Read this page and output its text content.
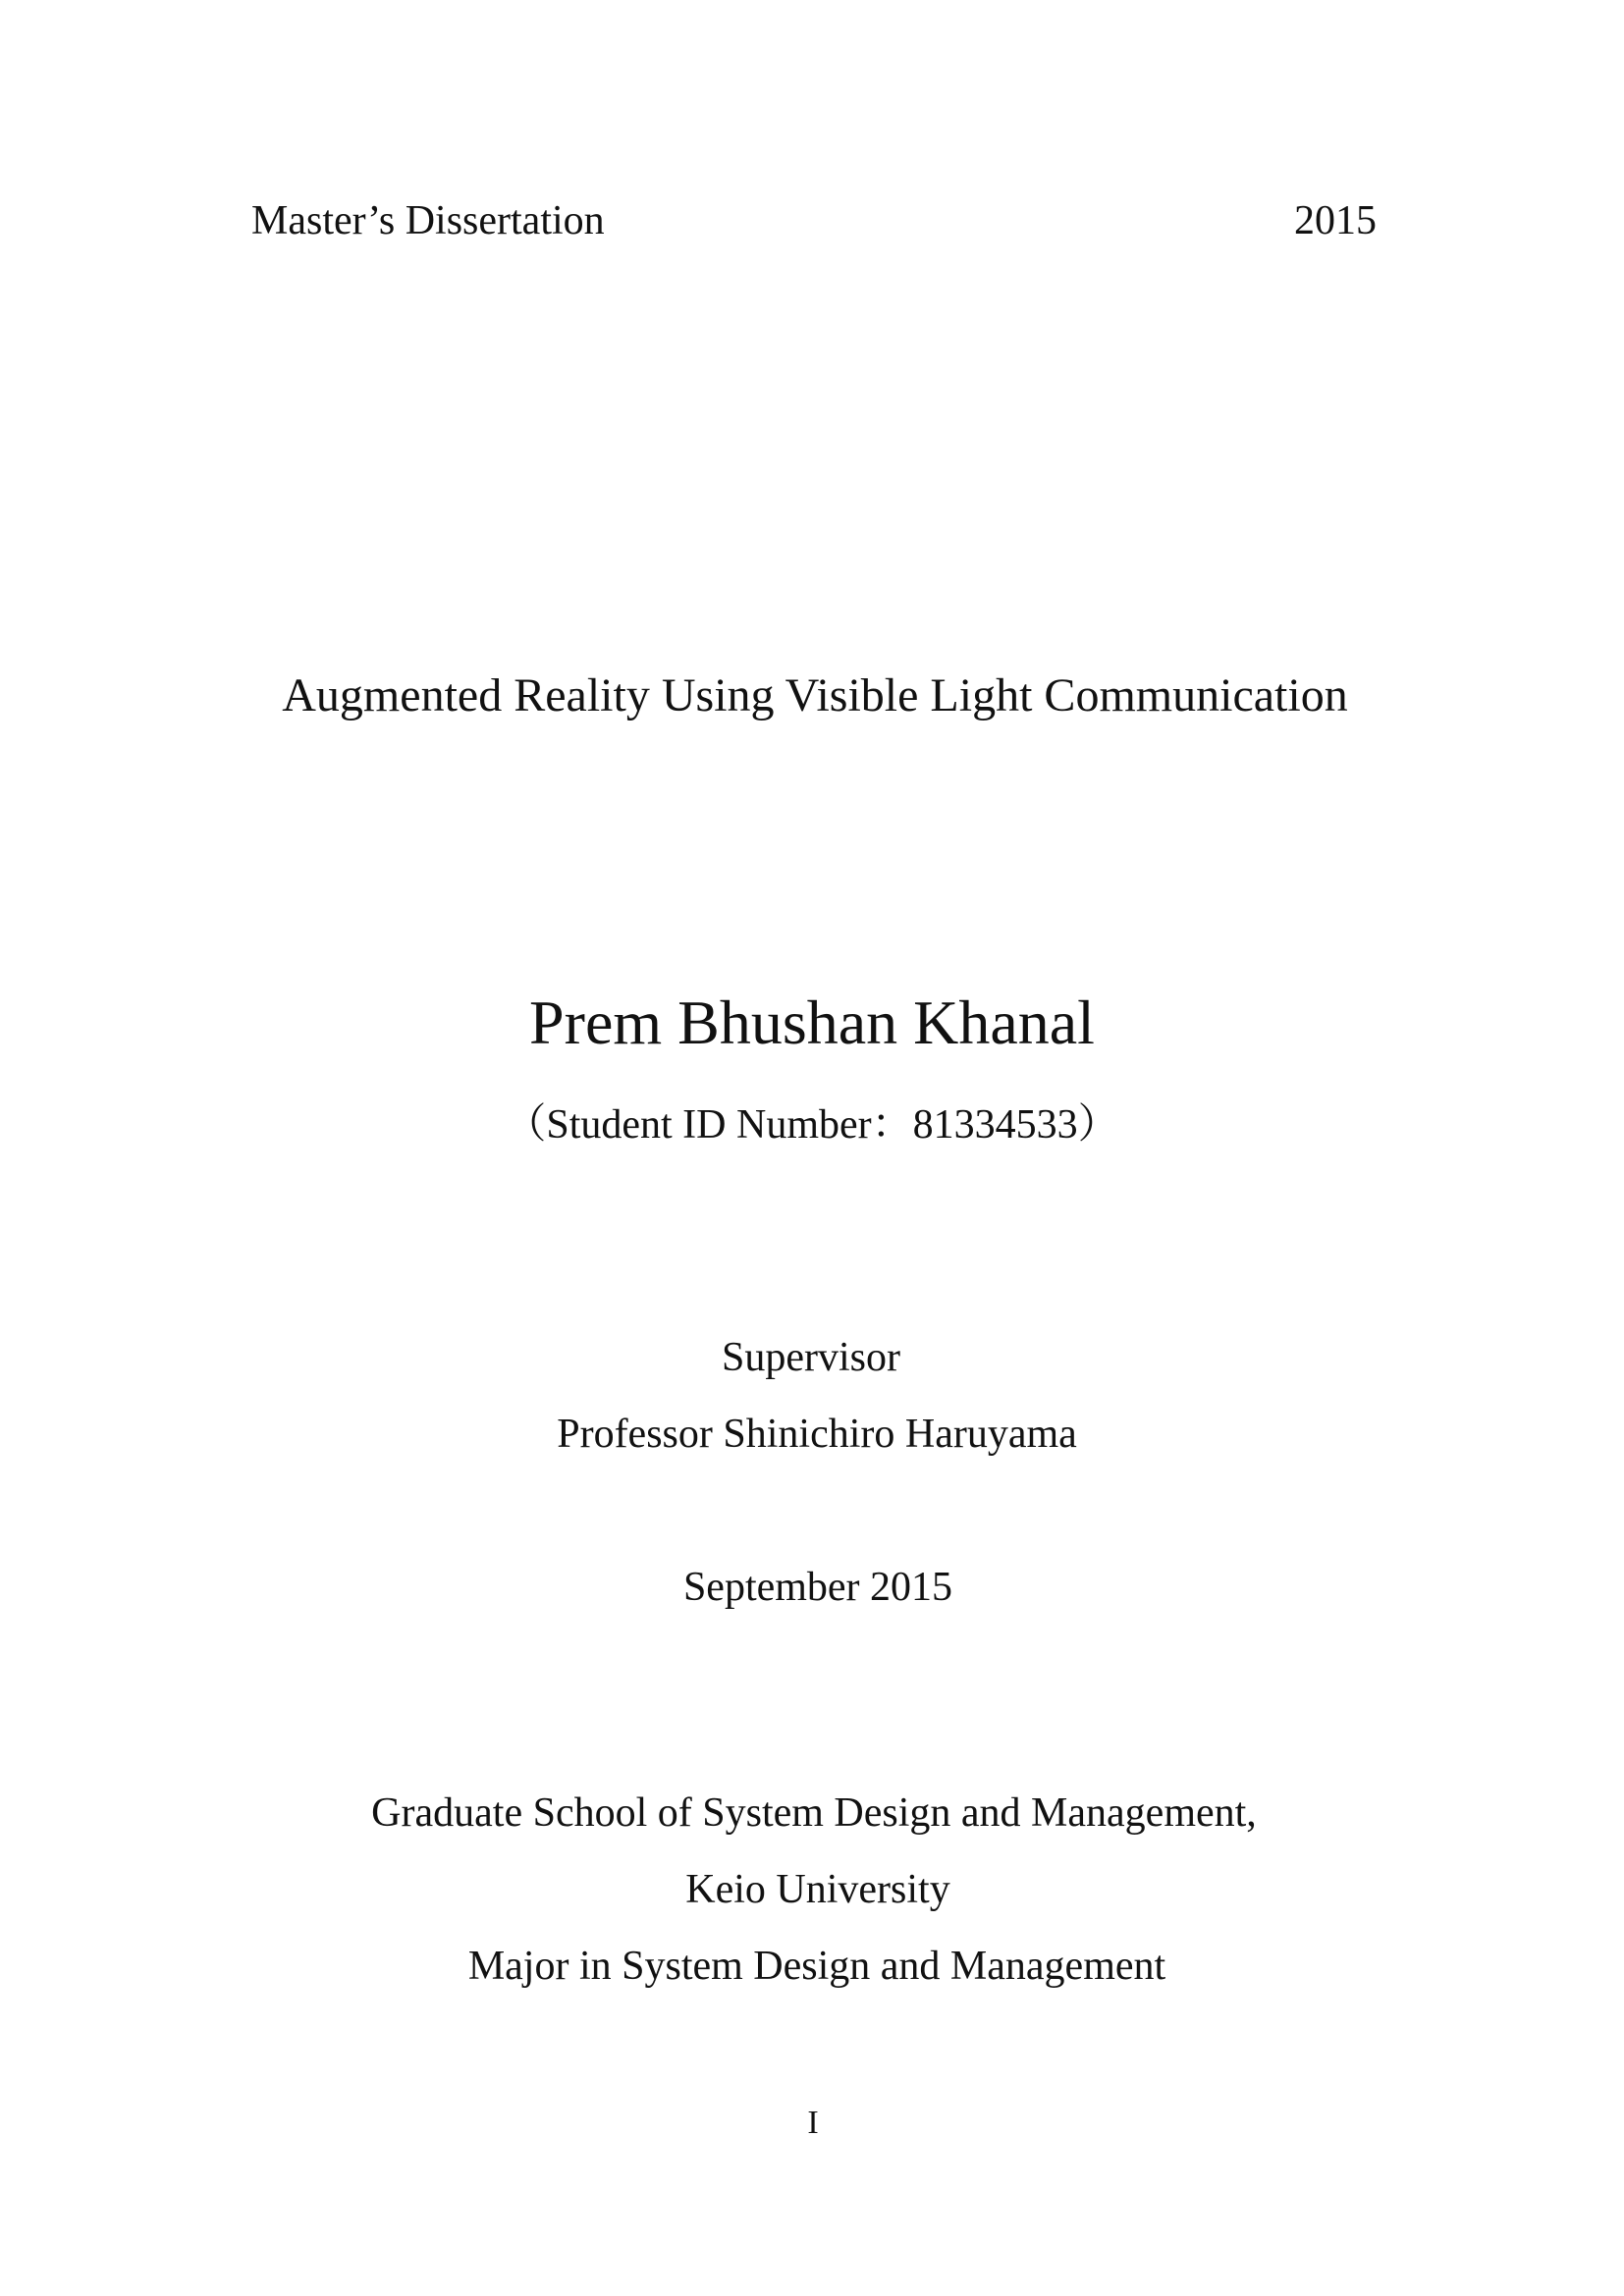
Master’s Dissertation	2015
Augmented Reality Using Visible Light Communication
Prem Bhushan Khanal
（Student ID Number：81334533）
Supervisor
Professor Shinichiro Haruyama
September 2015
Graduate School of System Design and Management,
Keio University
Major in System Design and Management
I
